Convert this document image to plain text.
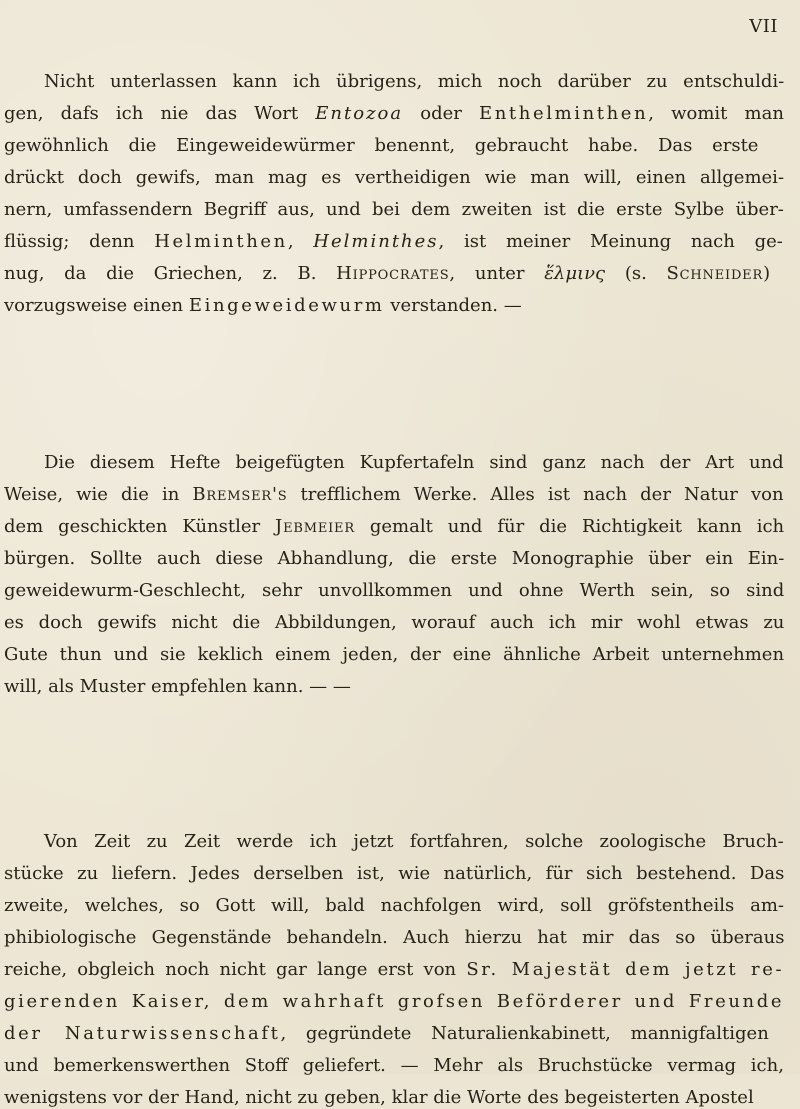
VII
Nicht unterlassen kann ich übrigens, mich noch darüber zu entschuldi-
gen, dafs ich nie das Wort Entozoa oder Enthelminthen, womit man
gewöhnlich die Eingeweidewürmer benennt, gebraucht habe. Das erste
drückt doch gewifs, man mag es vertheidigen wie man will, einen allgemei-
nern, umfassendern Begriff aus, und bei dem zweiten ist die erste Sylbe über-
flüssig; denn Helminthen, Helminthes, ist meiner Meinung nach ge-
nug, da die Griechen, z. B. Hippocrates, unter ἕλμινς (s. Schneider)
vorzugsweise einen Eingeweidewurm verstanden. —
Die diesem Hefte beigefügten Kupfertafeln sind ganz nach der Art und
Weise, wie die in Bremser's trefflichem Werke. Alles ist nach der Natur von
dem geschickten Künstler Jebmeier gemalt und für die Richtigkeit kann ich
bürgen. Sollte auch diese Abhandlung, die erste Monographie über ein Ein-
geweidewurm-Geschlecht, sehr unvollkommen und ohne Werth sein, so sind
es doch gewifs nicht die Abbildungen, worauf auch ich mir wohl etwas zu
Gute thun und sie keklich einem jeden, der eine ähnliche Arbeit unternehmen
will, als Muster empfehlen kann. — —
Von Zeit zu Zeit werde ich jetzt fortfahren, solche zoologische Bruch-
stücke zu liefern. Jedes derselben ist, wie natürlich, für sich bestehend. Das
zweite, welches, so Gott will, bald nachfolgen wird, soll gröfstentheils am-
phibiologische Gegenstände behandeln. Auch hierzu hat mir das so überaus
reiche, obgleich noch nicht gar lange erst von Sr. Majestät dem jetzt re-
gierenden Kaiser, dem wahrhaft grofsen Beförderer und Freunde
der Naturwissenschaft, gegründete Naturalienkabinett, mannigfaltigen
und bemerkenswerthen Stoff geliefert. — Mehr als Bruchstücke vermag ich,
wenigstens vor der Hand, nicht zu geben, klar die Worte des begeisterten Apostel
